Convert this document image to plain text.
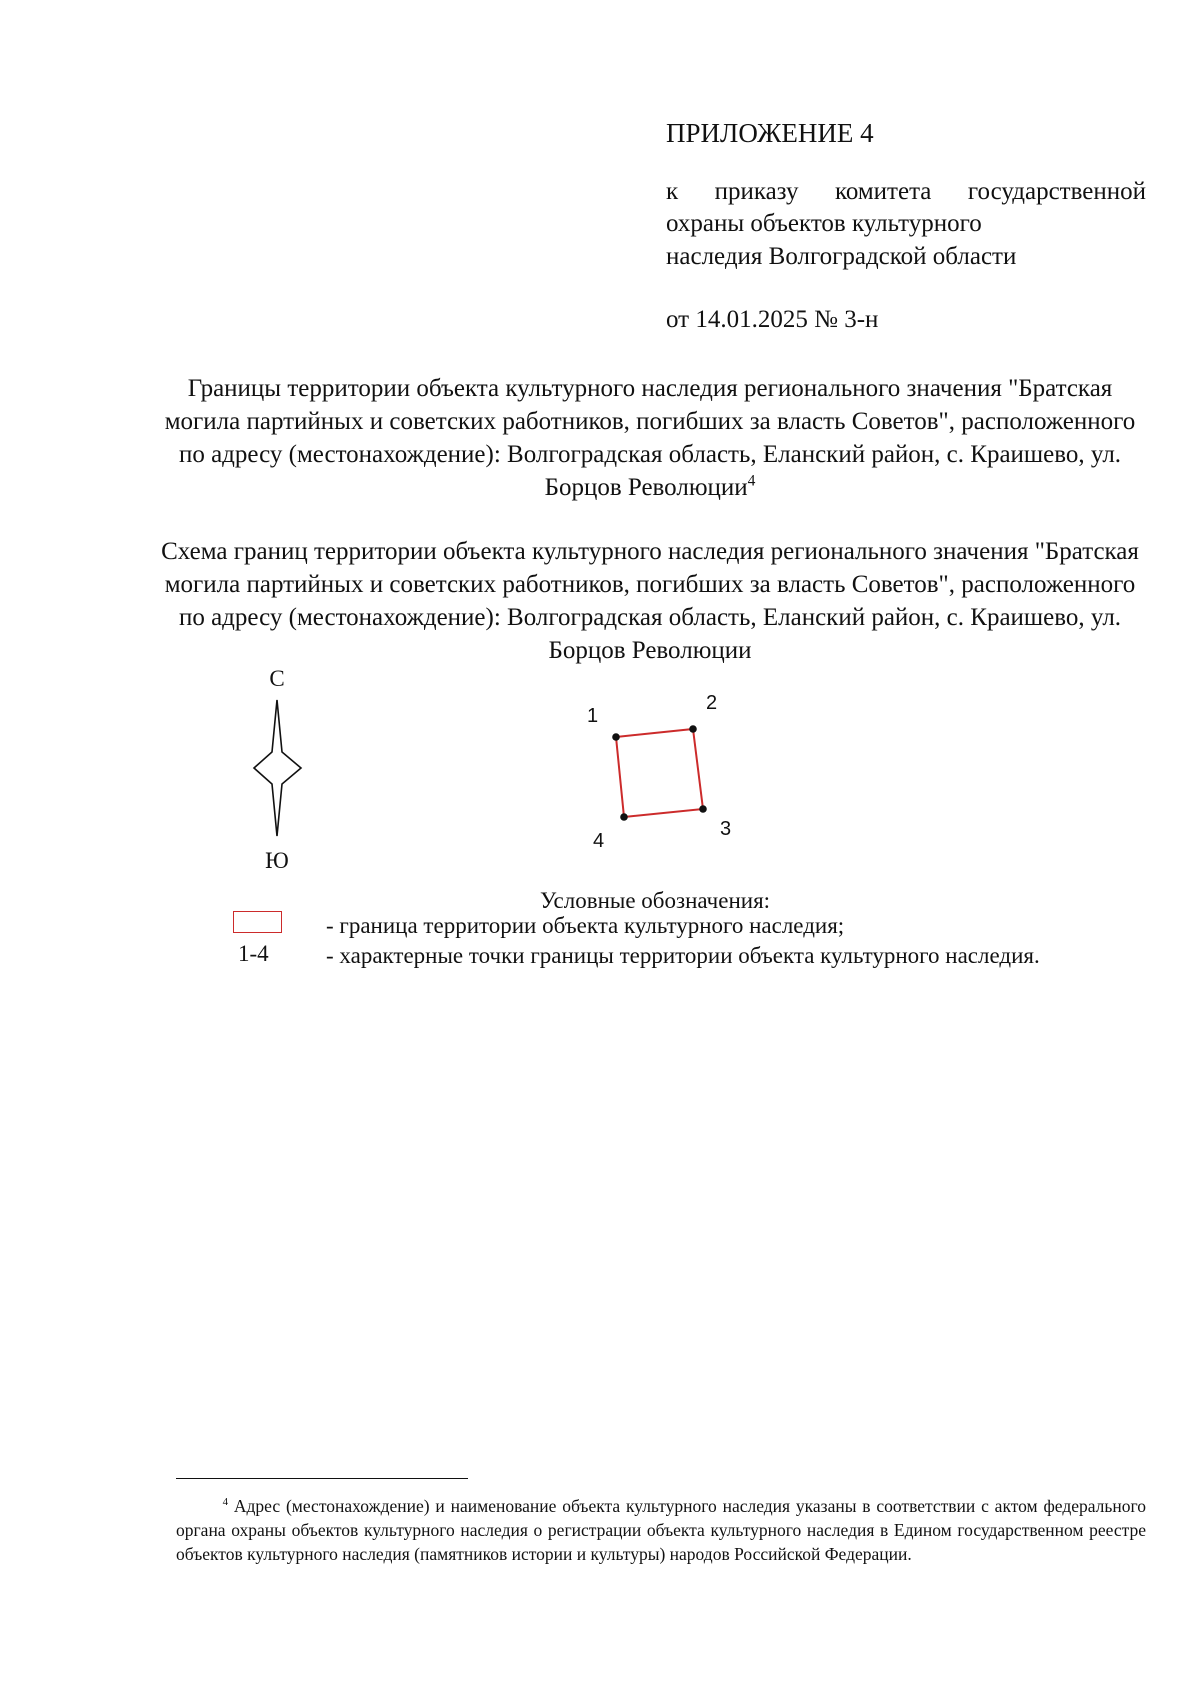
ПРИЛОЖЕНИЕ 4
к приказу комитета государственной
охраны объектов культурного
наследия Волгоградской области
от 14.01.2025 № 3-н
Границы территории объекта культурного наследия регионального значения "Братская могила партийных и советских работников, погибших за власть Советов", расположенного по адресу (местонахождение): Волгоградская область, Еланский район, с. Краишево, ул. Борцов Революции$^4$
Схема границ территории объекта культурного наследия регионального значения "Братская могила партийных и советских работников, погибших за власть Советов", расположенного по адресу (местонахождение): Волгоградская область, Еланский район, с. Краишево, ул. Борцов Революции
С
Ю
1
2
3
4
Условные обозначения:
1-4
- граница территории объекта культурного наследия;
- характерные точки границы территории объекта культурного наследия.
$^4$ Адрес (местонахождение) и наименование объекта культурного наследия указаны в соответствии с актом федерального органа охраны объектов культурного наследия о регистрации объекта культурного наследия в Едином государственном реестре объектов культурного наследия (памятников истории и культуры) народов Российской Федерации.
